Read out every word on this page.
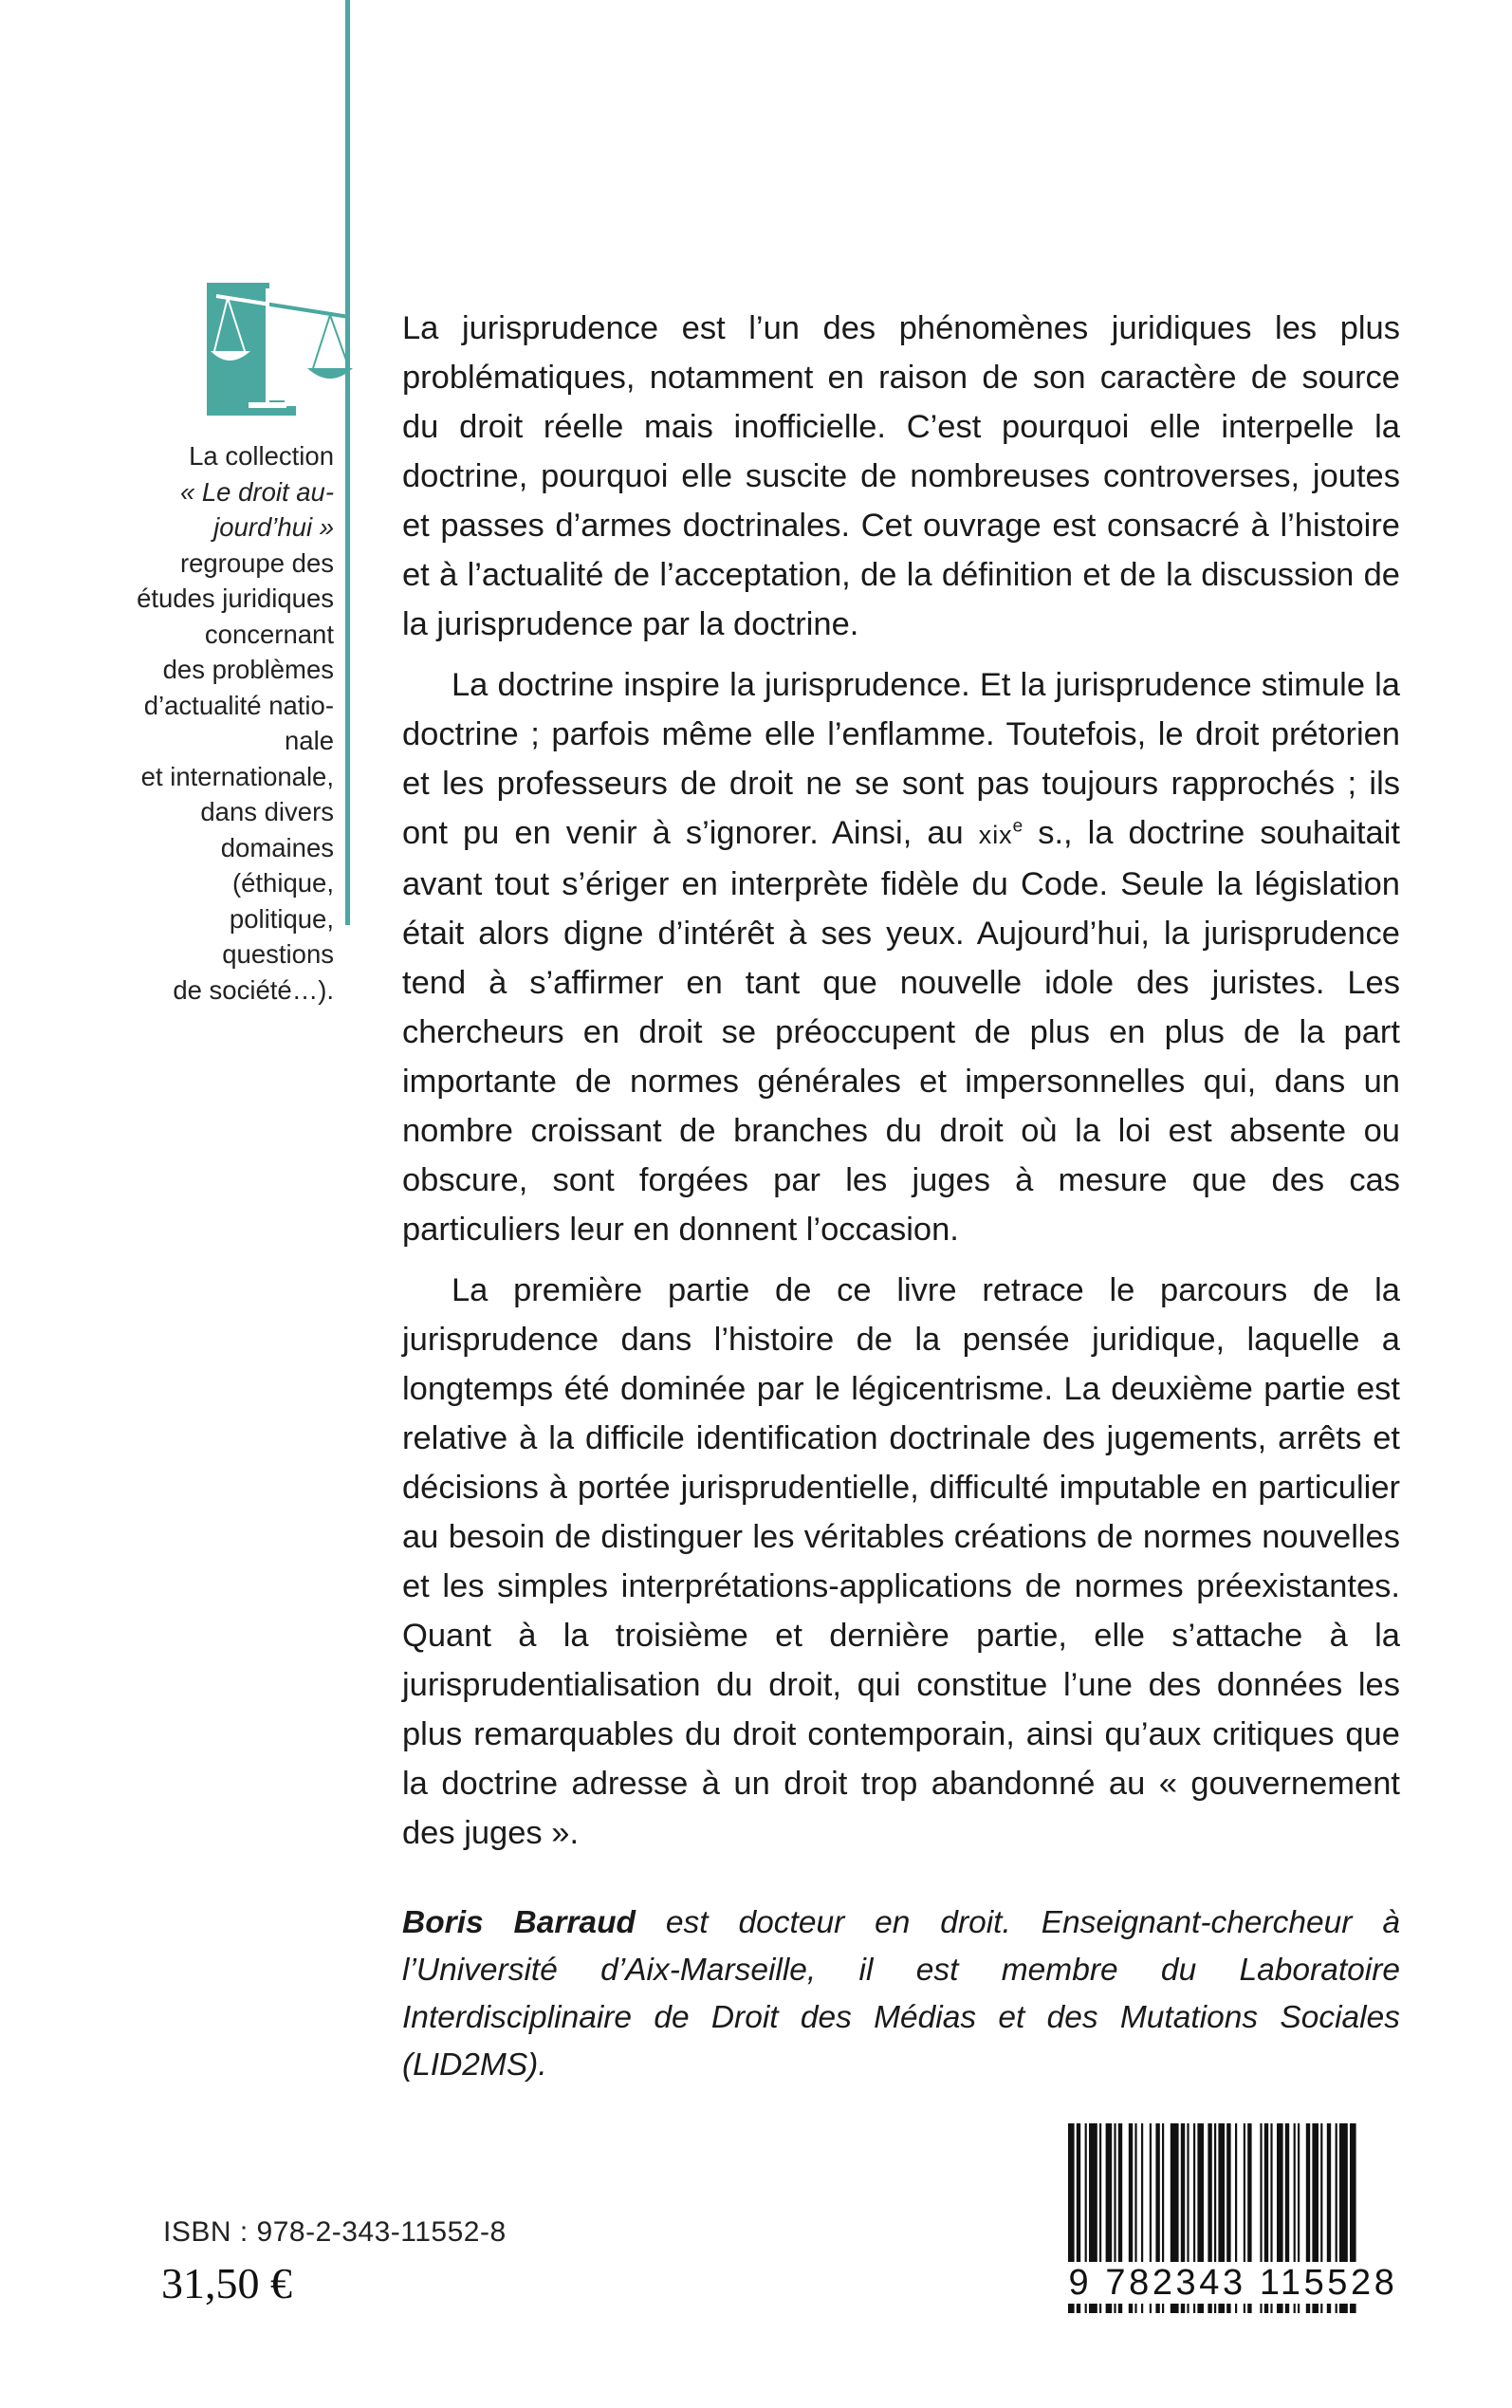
La collection
« Le droit au-
jourd’hui »
regroupe des
études juridiques
concernant
des problèmes
d’actualité natio-
nale
et internationale,
dans divers
domaines (éthique,
politique, questions
de société…).

La jurisprudence est l’un des phénomènes juridiques les plus problématiques, notamment en raison de son caractère de source du droit réelle mais inofficielle. C’est pourquoi elle interpelle la doctrine, pourquoi elle suscite de nombreuses controverses, joutes et passes d’armes doctrinales. Cet ouvrage est consacré à l’histoire et à l’actualité de l’acceptation, de la définition et de la discussion de la jurisprudence par la doctrine.

La doctrine inspire la jurisprudence. Et la jurisprudence stimule la doctrine ; parfois même elle l’enflamme. Toutefois, le droit prétorien et les professeurs de droit ne se sont pas toujours rapprochés ; ils ont pu en venir à s’ignorer. Ainsi, au xix$^e$ s., la doctrine souhaitait avant tout s’ériger en interprète fidèle du Code. Seule la législation était alors digne d’intérêt à ses yeux. Aujourd’hui, la jurisprudence tend à s’affirmer en tant que nouvelle idole des juristes. Les chercheurs en droit se préoccupent de plus en plus de la part importante de normes générales et impersonnelles qui, dans un nombre croissant de branches du droit où la loi est absente ou obscure, sont forgées par les juges à mesure que des cas particuliers leur en donnent l’occasion.

La première partie de ce livre retrace le parcours de la jurisprudence dans l’histoire de la pensée juridique, laquelle a longtemps été dominée par le légicentrisme. La deuxième partie est relative à la difficile identification doctrinale des jugements, arrêts et décisions à portée jurisprudentielle, difficulté imputable en particulier au besoin de distinguer les véritables créations de normes nouvelles et les simples interprétations-applications de normes préexistantes. Quant à la troisième et dernière partie, elle s’attache à la jurisprudentialisation du droit, qui constitue l’une des données les plus remarquables du droit contemporain, ainsi qu’aux critiques que la doctrine adresse à un droit trop abandonné au « gouvernement des juges ».

Boris Barraud est docteur en droit. Enseignant-chercheur à l’Université d’Aix-Marseille, il est membre du Laboratoire Interdisciplinaire de Droit des Médias et des Mutations Sociales (LID2MS).
ISBN : 978-2-343-11552-8
31,50 €	9 782343 115528
